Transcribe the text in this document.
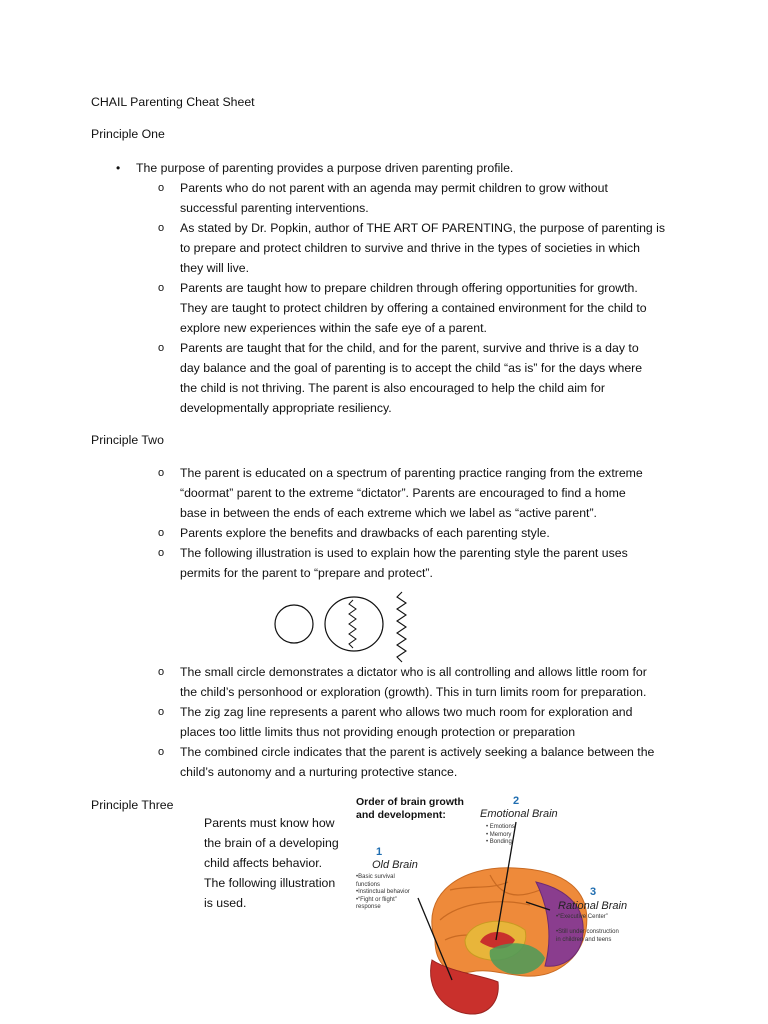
CHAIL Parenting Cheat Sheet
Principle One
• The purpose of parenting provides a purpose driven parenting profile.
o	Parents who do not parent with an agenda may permit children to grow without
successful parenting interventions.
o	As stated by Dr. Popkin, author of THE ART OF PARENTING, the purpose of parenting is
to prepare and protect children to survive and thrive in the types of societies in which
they will live.
o	Parents are taught how to prepare children through offering opportunities for growth.
They are taught to protect children by offering a contained environment for the child to
explore new experiences within the safe eye of a parent.
o	Parents are taught that for the child, and for the parent, survive and thrive is a day to
day balance and the goal of parenting is to accept the child “as is” for the days where
the child is not thriving. The parent is also encouraged to help the child aim for
developmentally appropriate resiliency.
Principle Two
o	The parent is educated on a spectrum of parenting practice ranging from the extreme
“doormat” parent to the extreme “dictator”. Parents are encouraged to find a home
base in between the ends of each extreme which we label as “active parent”.
o	Parents explore the benefits and drawbacks of each parenting style.
o	The following illustration is used to explain how the parenting style the parent uses
permits for the parent to “prepare and protect”.
o	The small circle demonstrates a dictator who is all controlling and allows little room for
the child’s personhood or exploration (growth). This in turn limits room for preparation.
o	The zig zag line represents a parent who allows two much room for exploration and
places too little limits thus not providing enough protection or preparation
o	The combined circle indicates that the parent is actively seeking a balance between the
child’s autonomy and a nurturing protective stance.
Principle Three
Parents must know how
the brain of a developing
child affects behavior.
The following illustration
is used.
Order of brain growth
and development:
2
Emotional Brain
• Emotions
• Memory
• Bonding
1
Old Brain
•Basic survival
functions
•Instinctual behavior
•“Fight or flight”
response
3
Rational Brain
•“Executive Center”

•Still under construction
in children and teens
